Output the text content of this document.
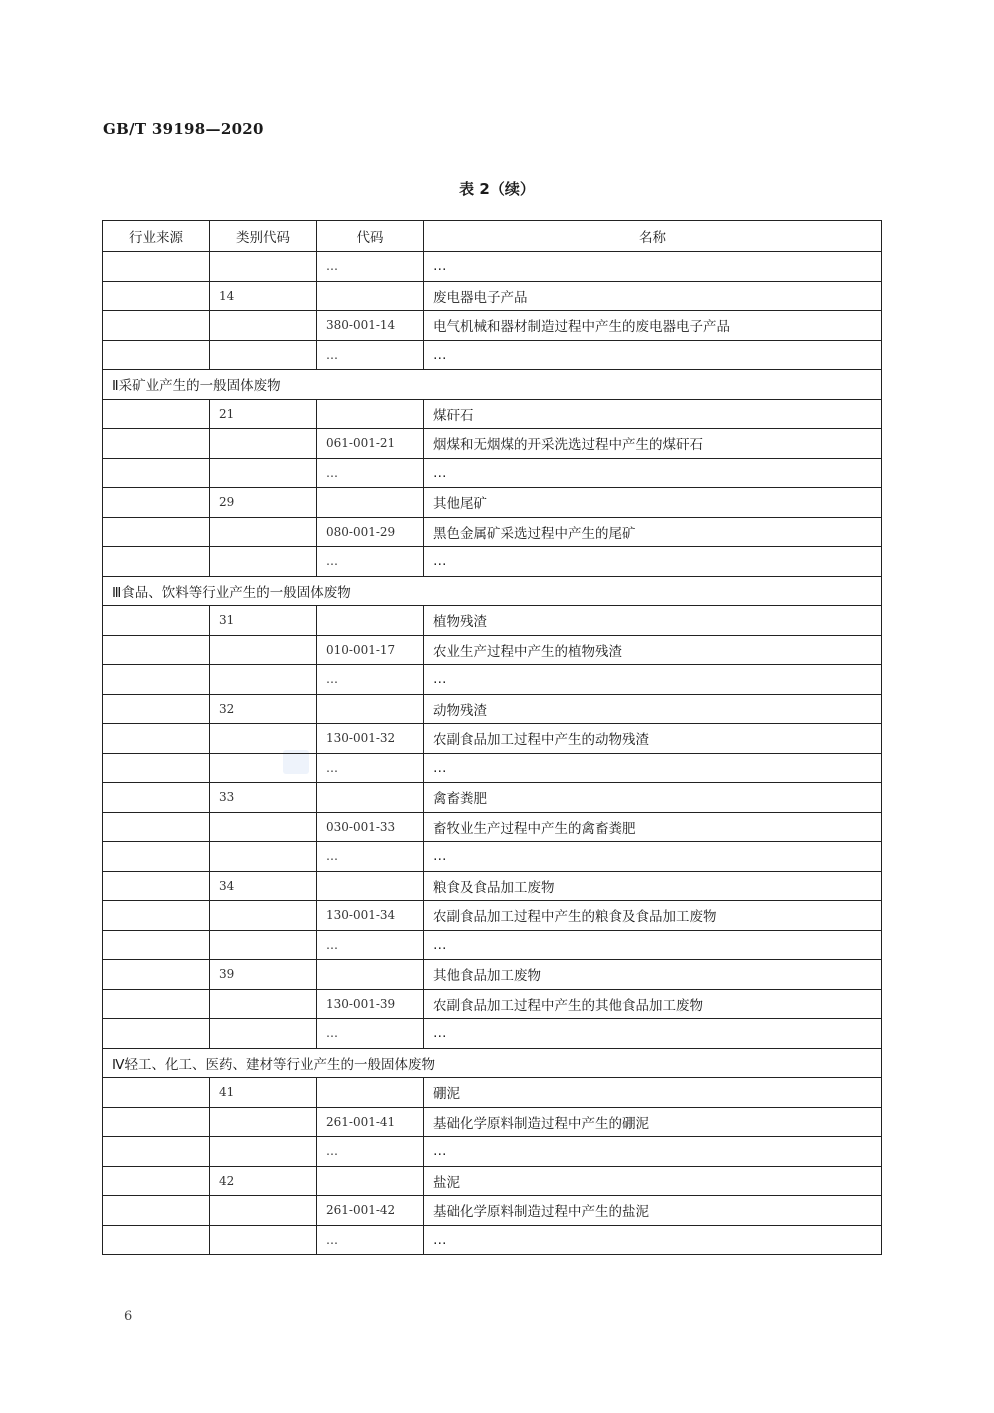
GB/T 39198—2020
表 2（续）
行业来源	类别代码	代码	名称
		…	…
	14		废电器电子产品
		380-001-14	电气机械和器材制造过程中产生的废电器电子产品
		…	…
Ⅱ采矿业产生的一般固体废物			
	21		煤矸石
		061-001-21	烟煤和无烟煤的开采洗选过程中产生的煤矸石
		…	…
	29		其他尾矿
		080-001-29	黑色金属矿采选过程中产生的尾矿
		…	…
Ⅲ食品、饮料等行业产生的一般固体废物			
	31		植物残渣
		010-001-17	农业生产过程中产生的植物残渣
		…	…
	32		动物残渣
		130-001-32	农副食品加工过程中产生的动物残渣
		…	…
	33		禽畜粪肥
		030-001-33	畜牧业生产过程中产生的禽畜粪肥
		…	…
	34		粮食及食品加工废物
		130-001-34	农副食品加工过程中产生的粮食及食品加工废物
		…	…
	39		其他食品加工废物
		130-001-39	农副食品加工过程中产生的其他食品加工废物
		…	…
Ⅳ轻工、化工、医药、建材等行业产生的一般固体废物			
	41		硼泥
		261-001-41	基础化学原料制造过程中产生的硼泥
		…	…
	42		盐泥
		261-001-42	基础化学原料制造过程中产生的盐泥
		…	…
6
